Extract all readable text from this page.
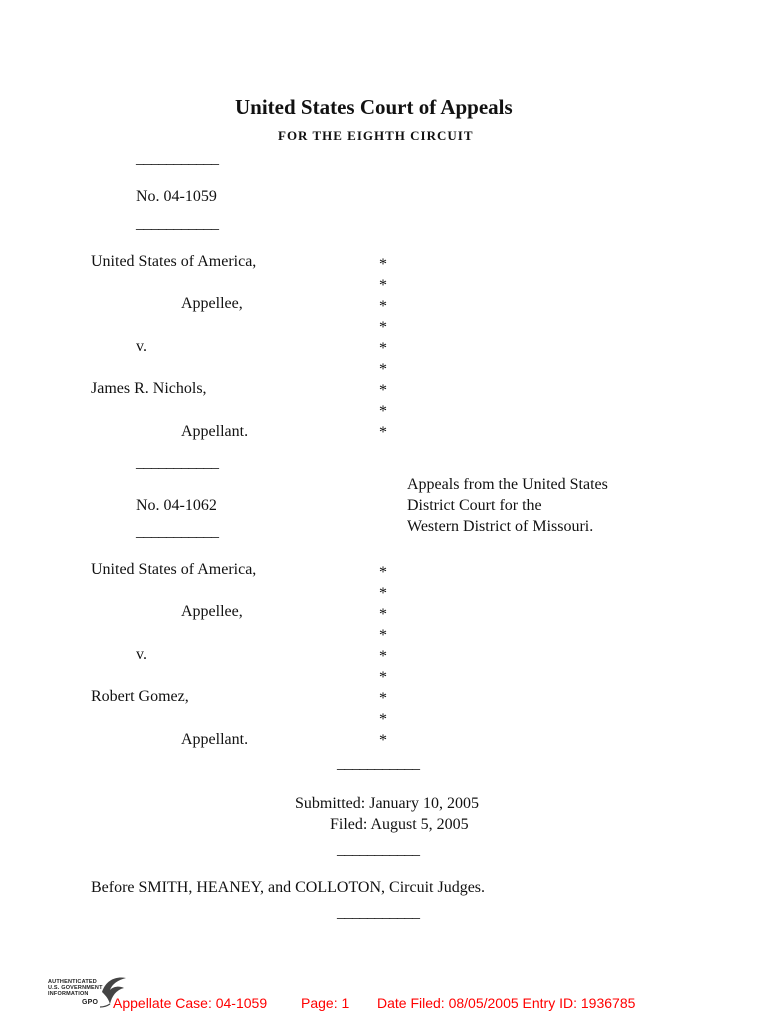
United States Court of Appeals
FOR THE EIGHTH CIRCUIT
___________
No. 04-1059
___________
United States of America,
Appellee,
v.
James R. Nichols,
Appellant.
*
*
*
*
*
*
*
*
*
___________
Appeals from the United States
District Court for the
Western District of Missouri.
No. 04-1062
___________
United States of America,
Appellee,
v.
Robert Gomez,
Appellant.
*
*
*
*
*
*
*
*
*
___________
Submitted: January 10, 2005
Filed: August 5, 2005
___________
Before SMITH, HEANEY, and COLLOTON, Circuit Judges.
___________
AUTHENTICATED
U.S. GOVERNMENT
INFORMATION
GPO Appellate Case: 04-1059 Page: 1 Date Filed: 08/05/2005 Entry ID: 1936785
